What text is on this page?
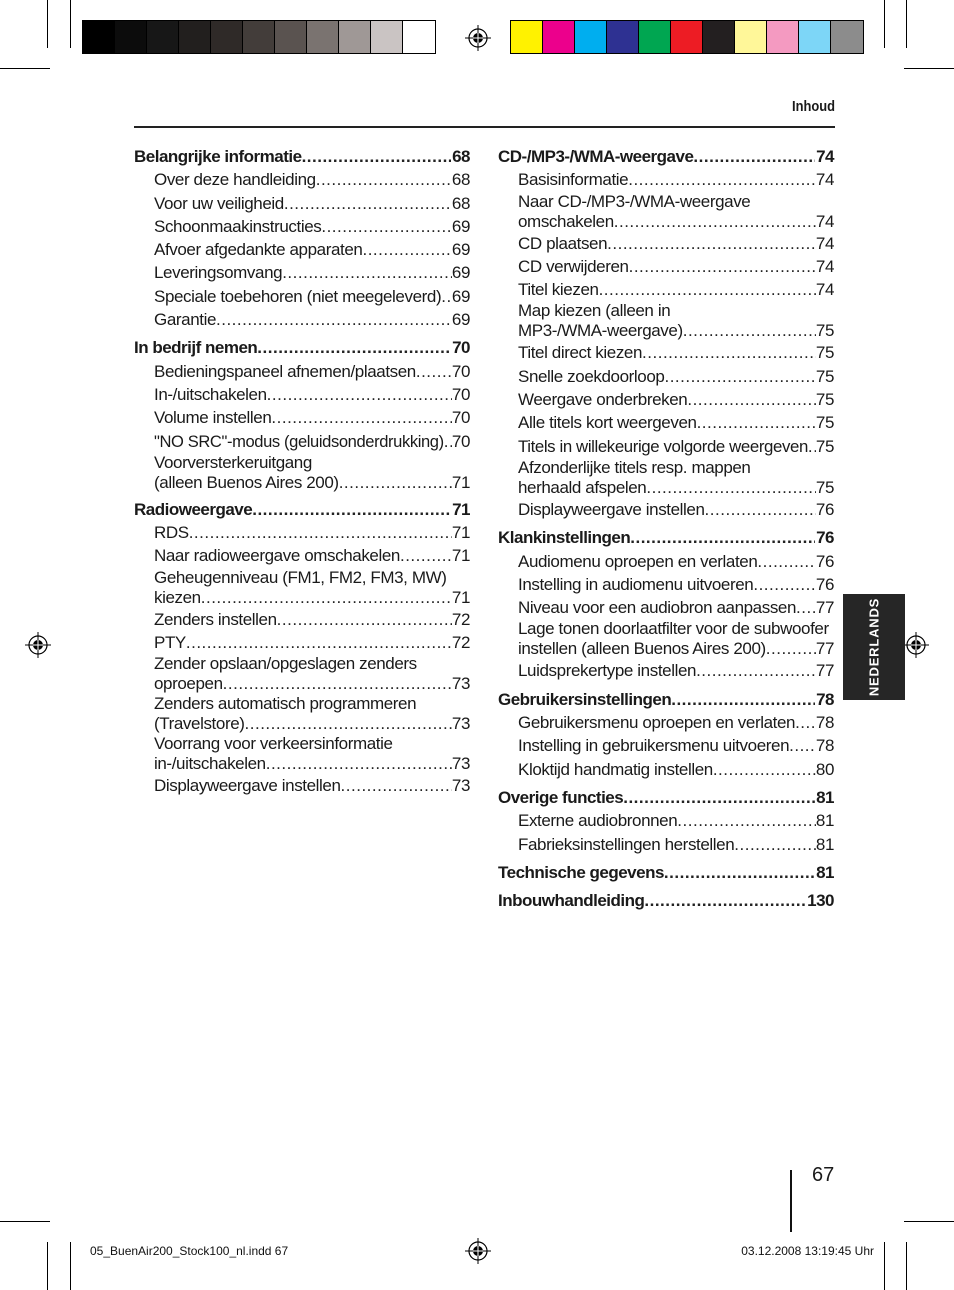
Inhoud
Belangrijke informatie .....	68
Over deze handleiding .....	68
Voor uw veiligheid .....	68
Schoonmaakinstructies .....	69
Afvoer afgedankte apparaten .....	69
Leveringsomvang .....	69
Speciale toebehoren (niet meegeleverd) ..... 69
Garantie .....	69
In bedrijf nemen .....	70
Bedieningspaneel afnemen/plaatsen ..... 70
In-/uitschakelen .....	70
Volume instellen .....	70
"NO SRC"-modus (geluidsonderdrukking) ..... 70
Voorversterkeruitgang
(alleen Buenos Aires 200) .....	71
Radioweergave .....	71
RDS .....	71
Naar radioweergave omschakelen .....	71
Geheugenniveau (FM1, FM2, FM3, MW)
kiezen .....	71
Zenders instellen .....	72
PTY .....	72
Zender opslaan/opgeslagen zenders
oproepen .....	73
Zenders automatisch programmeren
(Travelstore) .....	73
Voorrang voor verkeersinformatie
in-/uitschakelen .....	73
Displayweergave instellen .....	73
CD-/MP3-/WMA-weergave .....	74
Basisinformatie .....	74
Naar CD-/MP3-/WMA-weergave
omschakelen .....	74
CD plaatsen .....	74
CD verwijderen .....	74
Titel kiezen .....	74
Map kiezen (alleen in
MP3-/WMA-weergave) .....	75
Titel direct kiezen .....	75
Snelle zoekdoorloop .....	75
Weergave onderbreken .....	75
Alle titels kort weergeven .....	75
Titels in willekeurige volgorde weergeven ..... 75
Afzonderlijke titels resp. mappen
herhaald afspelen .....	75
Displayweergave instellen .....	76
Klankinstellingen .....	76
Audiomenu oproepen en verlaten .....	76
Instelling in audiomenu uitvoeren .....	76
Niveau voor een audiobron aanpassen ..... 77
Lage tonen doorlaatfilter voor de subwoofer
instellen (alleen Buenos Aires 200) .....	77
Luidsprekertype instellen .....	77
Gebruikersinstellingen .....	78
Gebruikersmenu oproepen en verlaten ..... 78
Instelling in gebruikersmenu uitvoeren ..... 78
Kloktijd handmatig instellen .....	80
Overige functies .....	81
Externe audiobronnen .....	81
Fabrieksinstellingen herstellen .....	81
Technische gegevens .....	81
Inbouwhandleiding .....	130
NEDERLANDS
67
05_BuenAir200_Stock100_nl.indd 67	03.12.2008 13:19:45 Uhr
